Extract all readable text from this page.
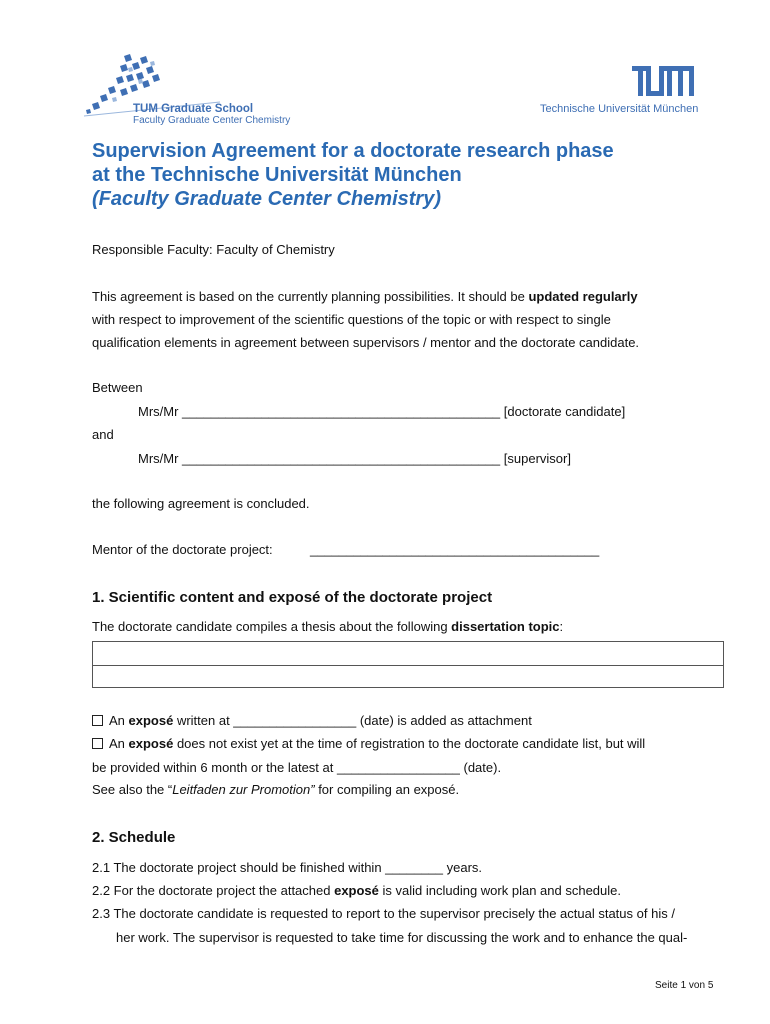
TUM Graduate School
Faculty Graduate Center Chemistry
Technische Universität München
Supervision Agreement for a doctorate research phase
at the Technische Universität München
(Faculty Graduate Center Chemistry)
Responsible Faculty: Faculty of Chemistry
This agreement is based on the currently planning possibilities. It should be updated regularly
with respect to improvement of the scientific questions of the topic or with respect to single
qualification elements in agreement between supervisors / mentor and the doctorate candidate.
Between
Mrs/Mr ____________________________________________ [doctorate candidate]
and
Mrs/Mr ____________________________________________ [supervisor]
the following agreement is concluded.
Mentor of the doctorate project:	________________________________________
1. Scientific content and exposé of the doctorate project
The doctorate candidate compiles a thesis about the following dissertation topic:
An exposé written at _________________ (date) is added as attachment
An exposé does not exist yet at the time of registration to the doctorate candidate list, but will
be provided within 6 month or the latest at _________________ (date).
See also the “Leitfaden zur Promotion” for compiling an exposé.
2. Schedule
2.1 The doctorate project should be finished within ________ years.
2.2 For the doctorate project the attached exposé is valid including work plan and schedule.
2.3 The doctorate candidate is requested to report to the supervisor precisely the actual status of his /
her work. The supervisor is requested to take time for discussing the work and to enhance the qual-
Seite 1 von 5
